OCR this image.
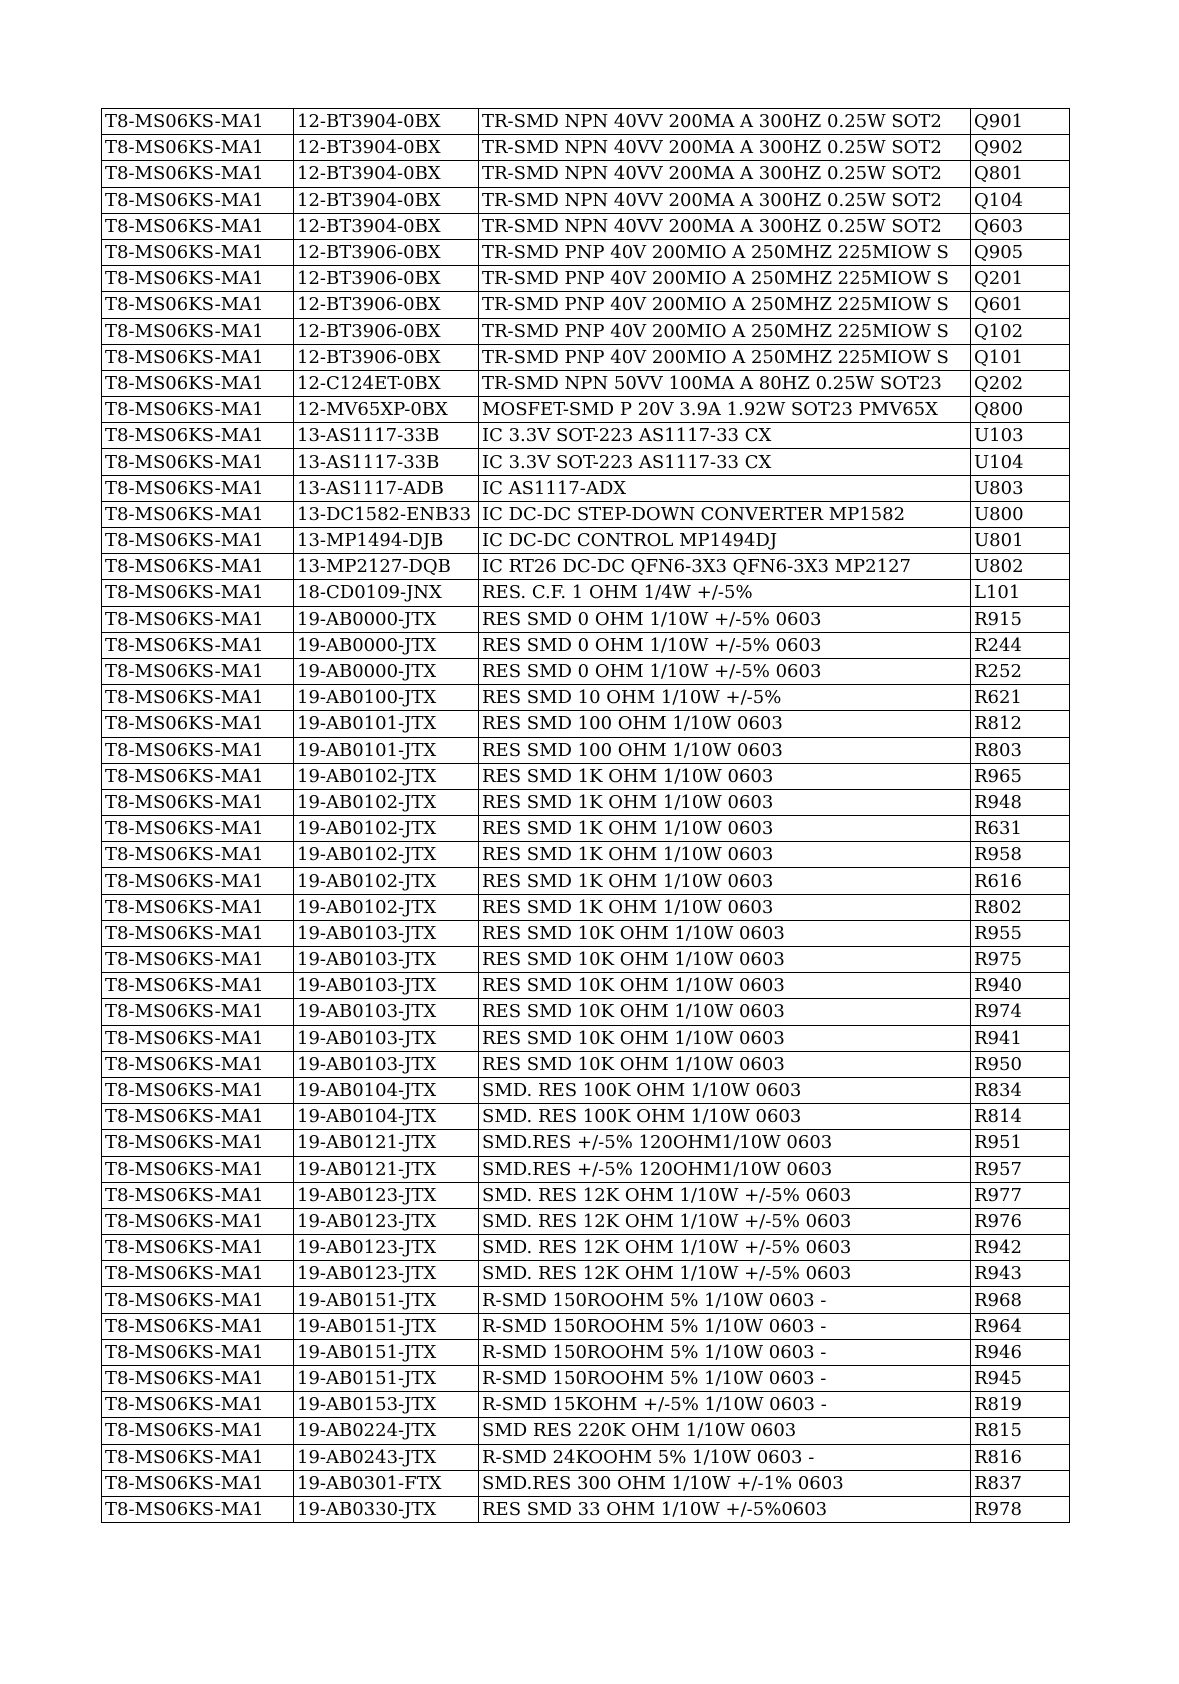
T8-MS06KS-MA1	12-BT3904-0BX	TR-SMD NPN 40VV 200MA A 300HZ 0.25W SOT2	Q901
T8-MS06KS-MA1	12-BT3904-0BX	TR-SMD NPN 40VV 200MA A 300HZ 0.25W SOT2	Q902
T8-MS06KS-MA1	12-BT3904-0BX	TR-SMD NPN 40VV 200MA A 300HZ 0.25W SOT2	Q801
T8-MS06KS-MA1	12-BT3904-0BX	TR-SMD NPN 40VV 200MA A 300HZ 0.25W SOT2	Q104
T8-MS06KS-MA1	12-BT3904-0BX	TR-SMD NPN 40VV 200MA A 300HZ 0.25W SOT2	Q603
T8-MS06KS-MA1	12-BT3906-0BX	TR-SMD PNP 40V 200MIO A 250MHZ 225MIOW S	Q905
T8-MS06KS-MA1	12-BT3906-0BX	TR-SMD PNP 40V 200MIO A 250MHZ 225MIOW S	Q201
T8-MS06KS-MA1	12-BT3906-0BX	TR-SMD PNP 40V 200MIO A 250MHZ 225MIOW S	Q601
T8-MS06KS-MA1	12-BT3906-0BX	TR-SMD PNP 40V 200MIO A 250MHZ 225MIOW S	Q102
T8-MS06KS-MA1	12-BT3906-0BX	TR-SMD PNP 40V 200MIO A 250MHZ 225MIOW S	Q101
T8-MS06KS-MA1	12-C124ET-0BX	TR-SMD NPN 50VV 100MA A 80HZ 0.25W SOT23	Q202
T8-MS06KS-MA1	12-MV65XP-0BX	MOSFET-SMD P 20V 3.9A 1.92W SOT23 PMV65X	Q800
T8-MS06KS-MA1	13-AS1117-33B	IC 3.3V SOT-223 AS1117-33 CX	U103
T8-MS06KS-MA1	13-AS1117-33B	IC 3.3V SOT-223 AS1117-33 CX	U104
T8-MS06KS-MA1	13-AS1117-ADB	IC AS1117-ADX	U803
T8-MS06KS-MA1	13-DC1582-ENB33	IC DC-DC STEP-DOWN CONVERTER MP1582	U800
T8-MS06KS-MA1	13-MP1494-DJB	IC DC-DC CONTROL MP1494DJ	U801
T8-MS06KS-MA1	13-MP2127-DQB	IC RT26 DC-DC QFN6-3X3 QFN6-3X3 MP2127	U802
T8-MS06KS-MA1	18-CD0109-JNX	RES. C.F. 1 OHM 1/4W +/-5%	L101
T8-MS06KS-MA1	19-AB0000-JTX	RES SMD 0 OHM 1/10W +/-5% 0603	R915
T8-MS06KS-MA1	19-AB0000-JTX	RES SMD 0 OHM 1/10W +/-5% 0603	R244
T8-MS06KS-MA1	19-AB0000-JTX	RES SMD 0 OHM 1/10W +/-5% 0603	R252
T8-MS06KS-MA1	19-AB0100-JTX	RES SMD 10 OHM 1/10W +/-5%	R621
T8-MS06KS-MA1	19-AB0101-JTX	RES SMD 100 OHM 1/10W 0603	R812
T8-MS06KS-MA1	19-AB0101-JTX	RES SMD 100 OHM 1/10W 0603	R803
T8-MS06KS-MA1	19-AB0102-JTX	RES SMD 1K OHM 1/10W 0603	R965
T8-MS06KS-MA1	19-AB0102-JTX	RES SMD 1K OHM 1/10W 0603	R948
T8-MS06KS-MA1	19-AB0102-JTX	RES SMD 1K OHM 1/10W 0603	R631
T8-MS06KS-MA1	19-AB0102-JTX	RES SMD 1K OHM 1/10W 0603	R958
T8-MS06KS-MA1	19-AB0102-JTX	RES SMD 1K OHM 1/10W 0603	R616
T8-MS06KS-MA1	19-AB0102-JTX	RES SMD 1K OHM 1/10W 0603	R802
T8-MS06KS-MA1	19-AB0103-JTX	RES SMD 10K OHM 1/10W 0603	R955
T8-MS06KS-MA1	19-AB0103-JTX	RES SMD 10K OHM 1/10W 0603	R975
T8-MS06KS-MA1	19-AB0103-JTX	RES SMD 10K OHM 1/10W 0603	R940
T8-MS06KS-MA1	19-AB0103-JTX	RES SMD 10K OHM 1/10W 0603	R974
T8-MS06KS-MA1	19-AB0103-JTX	RES SMD 10K OHM 1/10W 0603	R941
T8-MS06KS-MA1	19-AB0103-JTX	RES SMD 10K OHM 1/10W 0603	R950
T8-MS06KS-MA1	19-AB0104-JTX	SMD. RES 100K OHM 1/10W 0603	R834
T8-MS06KS-MA1	19-AB0104-JTX	SMD. RES 100K OHM 1/10W 0603	R814
T8-MS06KS-MA1	19-AB0121-JTX	SMD.RES +/-5% 120OHM1/10W 0603	R951
T8-MS06KS-MA1	19-AB0121-JTX	SMD.RES +/-5% 120OHM1/10W 0603	R957
T8-MS06KS-MA1	19-AB0123-JTX	SMD. RES 12K OHM 1/10W +/-5% 0603	R977
T8-MS06KS-MA1	19-AB0123-JTX	SMD. RES 12K OHM 1/10W +/-5% 0603	R976
T8-MS06KS-MA1	19-AB0123-JTX	SMD. RES 12K OHM 1/10W +/-5% 0603	R942
T8-MS06KS-MA1	19-AB0123-JTX	SMD. RES 12K OHM 1/10W +/-5% 0603	R943
T8-MS06KS-MA1	19-AB0151-JTX	R-SMD 150ROOHM 5% 1/10W 0603 -	R968
T8-MS06KS-MA1	19-AB0151-JTX	R-SMD 150ROOHM 5% 1/10W 0603 -	R964
T8-MS06KS-MA1	19-AB0151-JTX	R-SMD 150ROOHM 5% 1/10W 0603 -	R946
T8-MS06KS-MA1	19-AB0151-JTX	R-SMD 150ROOHM 5% 1/10W 0603 -	R945
T8-MS06KS-MA1	19-AB0153-JTX	R-SMD 15KOHM +/-5% 1/10W 0603 -	R819
T8-MS06KS-MA1	19-AB0224-JTX	SMD RES 220K OHM 1/10W 0603	R815
T8-MS06KS-MA1	19-AB0243-JTX	R-SMD 24KOOHM 5% 1/10W 0603 -	R816
T8-MS06KS-MA1	19-AB0301-FTX	SMD.RES 300 OHM 1/10W +/-1% 0603	R837
T8-MS06KS-MA1	19-AB0330-JTX	RES SMD 33 OHM 1/10W +/-5%0603	R978
